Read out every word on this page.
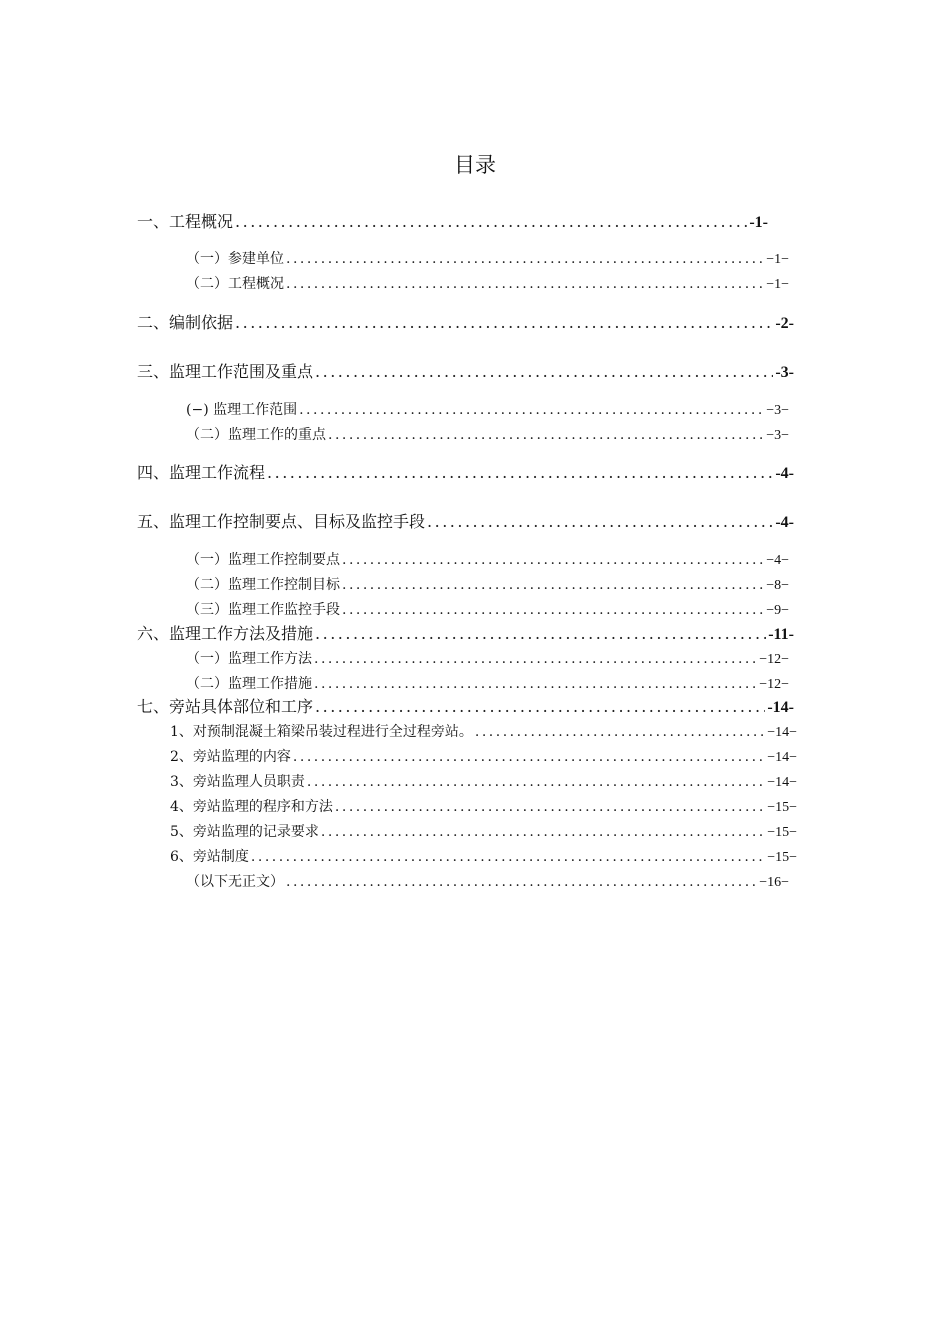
目录
一、工程概况 .....	-1-
（一）参建单位 .....	−1−
（二）工程概况 .....	−1−
二、编制依据 .....	-2-
三、监理工作范围及重点 .....	-3-
(−) 监理工作范围 .....	−3−
（二）监理工作的重点 .....	−3−
四、监理工作流程 .....	-4-
五、监理工作控制要点、目标及监控手段 .....	-4-
（一）监理工作控制要点 .....	−4−
（二）监理工作控制目标 .....	−8−
（三）监理工作监控手段 .....	−9−
六、监理工作方法及措施 .....	-11-
（一）监理工作方法 .....	−12−
（二）监理工作措施 .....	−12−
七、旁站具体部位和工序 .....	-14-
1、对预制混凝土箱梁吊装过程进行全过程旁站。 .....	−14−
2、旁站监理的内容 .....	−14−
3、旁站监理人员职责 .....	−14−
4、旁站监理的程序和方法 .....	−15−
5、旁站监理的记录要求 .....	−15−
6、旁站制度 .....	−15−
（以下无正文） .....	−16−
